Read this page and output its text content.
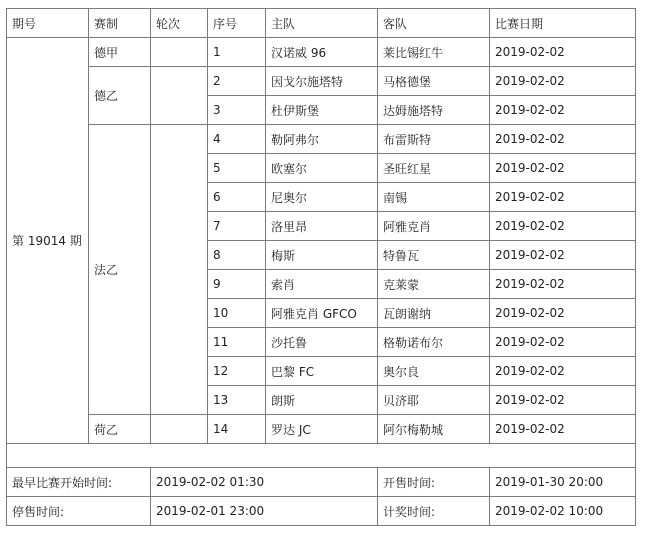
期号	赛制	轮次	序号	主队	客队	比赛日期
第 19014 期	德甲		1	汉诺威 96	莱比锡红牛	2019-02-02
	德乙		2	因戈尔施塔特	马格德堡	2019-02-02
			3	杜伊斯堡	达姆施塔特	2019-02-02
	法乙		4	勒阿弗尔	布雷斯特	2019-02-02
			5	欧塞尔	圣旺红星	2019-02-02
			6	尼奥尔	南锡	2019-02-02
			7	洛里昂	阿雅克肖	2019-02-02
			8	梅斯	特鲁瓦	2019-02-02
			9	索肖	克莱蒙	2019-02-02
			10	阿雅克肖 GFCO	瓦朗谢纳	2019-02-02
			11	沙托鲁	格勒诺布尔	2019-02-02
			12	巴黎 FC	奥尔良	2019-02-02
			13	朗斯	贝济耶	2019-02-02
	荷乙		14	罗达 JC	阿尔梅勒城	2019-02-02

最早比赛开始时间:		2019-02-02 01:30			开售时间:	2019-01-30 20:00
停售时间:		2019-02-01 23:00			计奖时间:	2019-02-02 10:00
